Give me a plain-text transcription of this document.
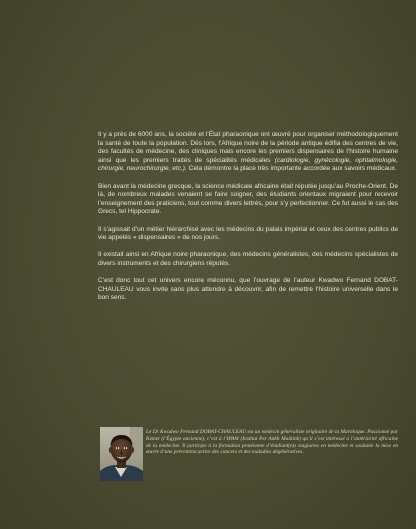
Il y a près de 6000 ans, la société et l’État pharaonique ont œuvré pour organiser méthodologiquement la santé de toute la population. Dès lors, l’Afrique noire de la période antique édifia des centres de vie, des facultés de médecine, des cliniques mais encore les premiers dispensaires de l’histoire humaine ainsi que les premiers traités de spécialités médicales (cardiologie, gynécologie, ophtalmologie, chirurgie, neurochirurgie, etc.). Cela démontre la place très importante accordée aux savoirs médicaux.

Bien avant la médecine grecque, la science médicale africaine était réputée jusqu’au Proche-Orient. De là, de nombreux malades venaient se faire soigner, des étudiants orientaux migraient pour recevoir l’enseignement des praticiens, tout comme divers lettrés, pour s’y perfectionner. Ce fut aussi le cas des Grecs, tel Hippocrate.

Il s’agissait d’un métier hiérarchisé avec les médecins du palais impérial et ceux des centres publics de vie appelés « dispensaires » de nos jours.

Il existait ainsi en Afrique noire pharaonique, des médecins généralistes, des médecins spécialistes de divers instruments et des chirurgiens réputés.

C’est donc tout cet univers encore méconnu, que l’ouvrage de l’auteur Kwadwo Fernand DOBAT-CHAULEAU vous invite sans plus attendre à découvrir, afin de remettre l’histoire universelle dans le bon sens.

Le Dr Kwadwo Fernand DOBAT-CHAULEAU est un médecin généraliste originaire de la Martinique. Passionné par Kemet (l’Égypte ancienne), c’est à l’IPAM (Institut Per Ankh Maâtink) qu’il s’est intéressé à l’antériorité africaine de la médecine. Il participe à la formation protéienne d’étudiant(e)s stagiaires en médecine et souhaite la mise en œuvre d’une prévention active des cancers et des maladies dégénératives.
